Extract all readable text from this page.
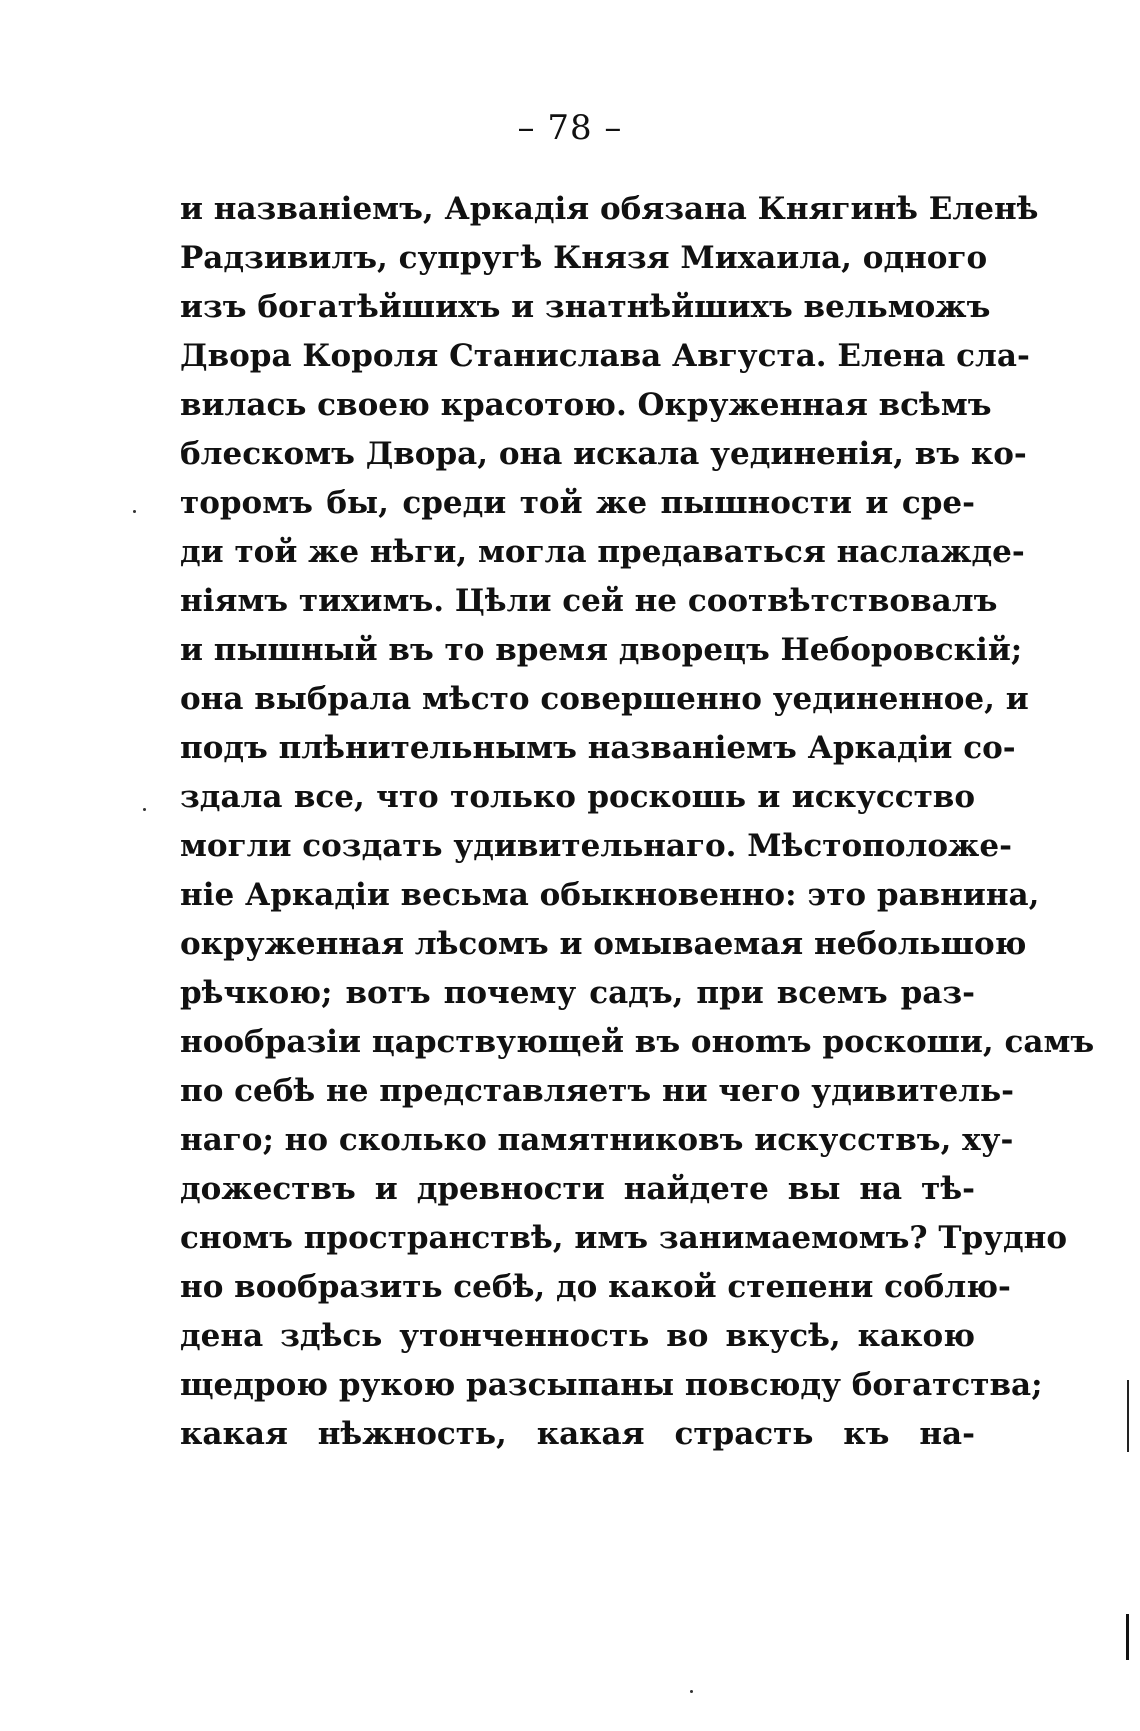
– 78 –
и названіемъ, Аркадія обязана Княгинѣ Еленѣ
Радзивилъ, супругѣ Князя Михаила, одного
изъ богатѣйшихъ и знатнѣйшихъ вельможъ
Двора Короля Станислава Августа. Елена сла-
вилась своею красотою. Окруженная всѣмъ
блескомъ Двора, она искала уединенія, въ ко-
торомъ бы, среди той же пышности и сре-
ди той же нѣги, могла предаваться наслажде-
ніямъ тихимъ. Цѣли сей не соотвѣтствовалъ
и пышный въ то время дворецъ Неборовскій;
она выбрала мѣсто совершенно уединенное, и
подъ плѣнительнымъ названіемъ Аркадіи со-
здала все, что только роскошь и искусство
могли создать удивительнаго. Мѣстоположе-
ніе Аркадіи весьма обыкновенно: это равнина,
окруженная лѣсомъ и омываемая небольшою
рѣчкою; вотъ почему садъ, при всемъ раз-
нообразіи царствующей въ онomъ роскоши, самъ
по себѣ не представляетъ ни чего удивитель-
наго; но сколько памятниковъ искусствъ, ху-
дожествъ и древности найдете вы на тѣ-
сномъ пространствѣ, имъ занимаемомъ? Трудно
но вообразить себѣ, до какой степени соблю-
дена здѣсь утонченность во вкусѣ, какою
щедрою рукою разсыпаны повсюду богатства;
какая нѣжность, какая страсть къ на-
